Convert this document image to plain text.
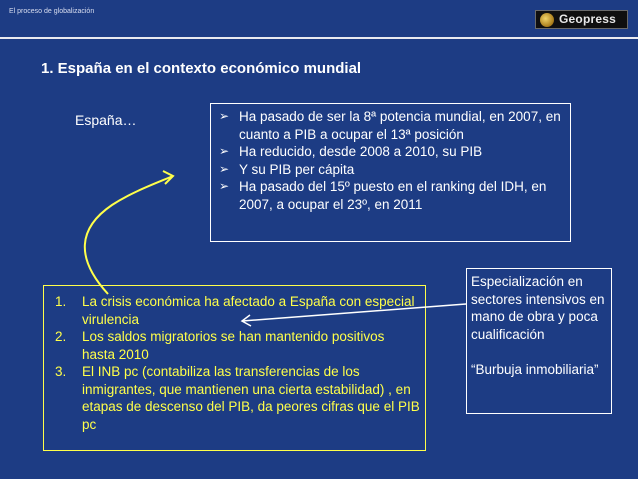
El proceso de globalización
Geopress
1. España en el contexto económico mundial
España…
➢	Ha pasado de ser la 8ª potencia mundial, en 2007, en cuanto a PIB a ocupar el 13ª posición
➢ Ha reducido, desde 2008 a 2010, su PIB
➢ Y su PIB per cápita
➢ Ha pasado del 15º puesto en el ranking del IDH, en 2007, a ocupar el 23º, en 2011
1. La crisis económica ha afectado a España con especial virulencia
2. Los saldos migratorios se han mantenido positivos hasta 2010
3. El INB pc (contabiliza las transferencias de los inmigrantes, que mantienen una cierta estabilidad) , en etapas de descenso del PIB, da peores cifras que el PIB pc

Especialización en sectores intensivos en mano de obra y poca cualificación

“Burbuja inmobiliaria”
